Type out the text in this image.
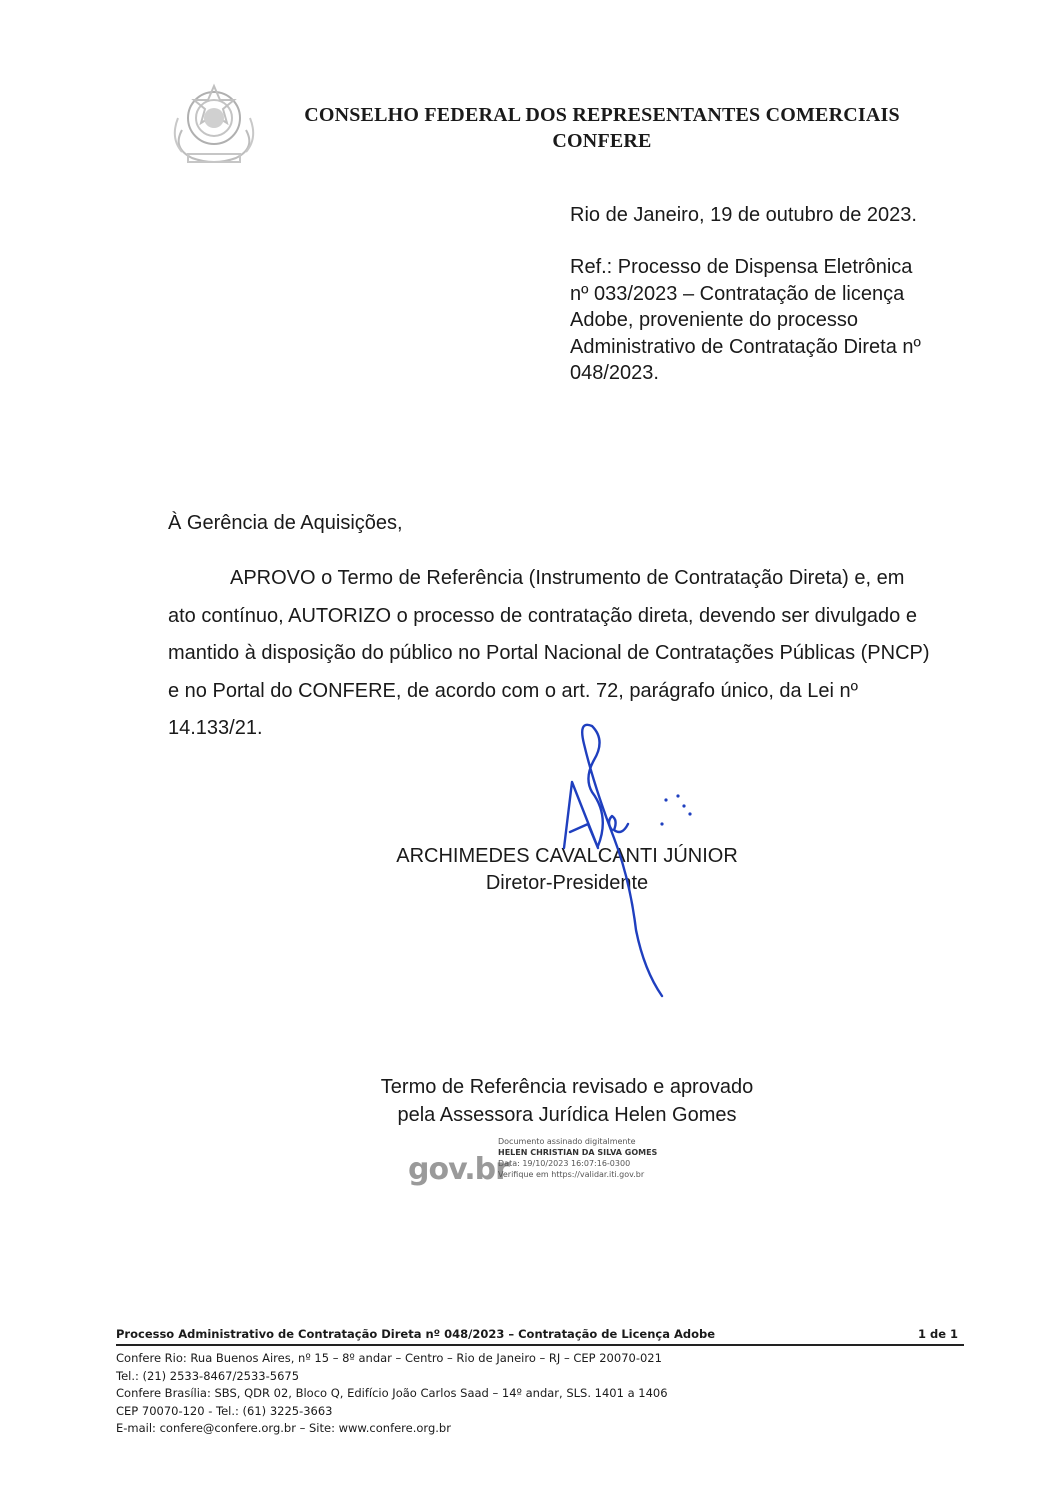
CONSELHO FEDERAL DOS REPRESENTANTES COMERCIAIS
CONFERE
Rio de Janeiro, 19 de outubro de 2023.
Ref.: Processo de Dispensa Eletrônica
nº 033/2023 – Contratação de licença
Adobe, proveniente do processo
Administrativo de Contratação Direta nº
048/2023.
À Gerência de Aquisições,
APROVO o Termo de Referência (Instrumento de Contratação Direta) e, em
ato contínuo, AUTORIZO o processo de contratação direta, devendo ser divulgado e
mantido à disposição do público no Portal Nacional de Contratações Públicas (PNCP)
e no Portal do CONFERE, de acordo com o art. 72, parágrafo único, da Lei nº
14.133/21.
ARCHIMEDES CAVALCANTI JÚNIOR
Diretor-Presidente
Termo de Referência revisado e aprovado
pela Assessora Jurídica Helen Gomes
gov.br
Documento assinado digitalmente
HELEN CHRISTIAN DA SILVA GOMES
Data: 19/10/2023 16:07:16-0300
Verifique em https://validar.iti.gov.br
Processo Administrativo de Contratação Direta nº 048/2023 – Contratação de Licença Adobe	1 de 1
Confere Rio: Rua Buenos Aires, nº 15 – 8º andar – Centro – Rio de Janeiro – RJ – CEP 20070-021
Tel.: (21) 2533-8467/2533-5675
Confere Brasília: SBS, QDR 02, Bloco Q, Edifício João Carlos Saad – 14º andar, SLS. 1401 a 1406
CEP 70070-120 - Tel.: (61) 3225-3663
E-mail: confere@confere.org.br – Site: www.confere.org.br
